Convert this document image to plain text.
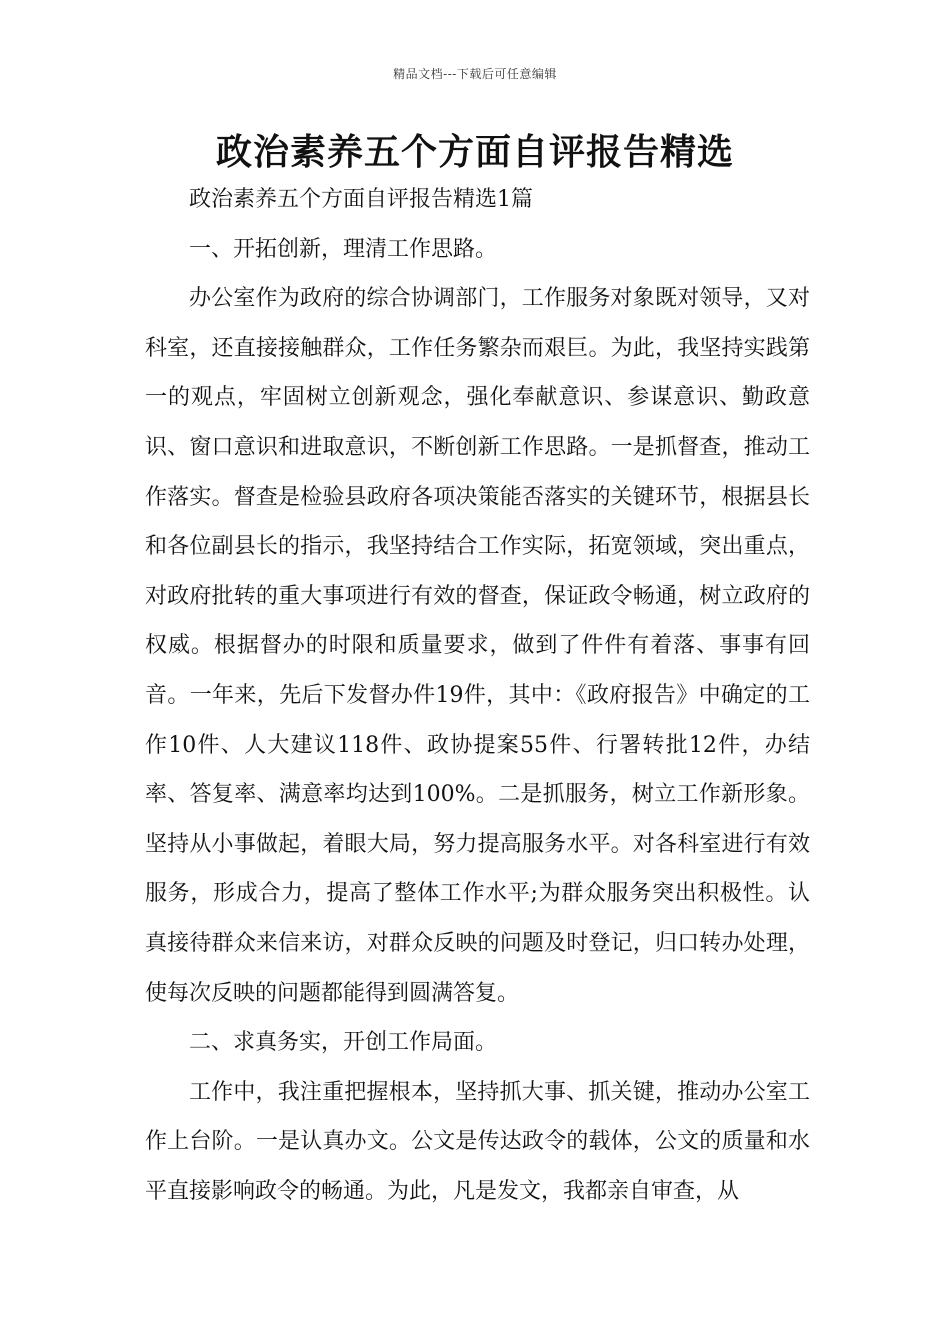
精品文档---下载后可任意编辑
政治素养五个方面自评报告精选

政治素养五个方面自评报告精选1篇

一、开拓创新，理清工作思路。

办公室作为政府的综合协调部门，工作服务对象既对领导，又对科室，还直接接触群众，工作任务繁杂而艰巨。为此，我坚持实践第一的观点，牢固树立创新观念，强化奉献意识、参谋意识、勤政意识、窗口意识和进取意识，不断创新工作思路。一是抓督查，推动工作落实。督查是检验县政府各项决策能否落实的关键环节，根据县长和各位副县长的指示，我坚持结合工作实际，拓宽领域，突出重点，对政府批转的重大事项进行有效的督查，保证政令畅通，树立政府的权威。根据督办的时限和质量要求，做到了件件有着落、事事有回音。一年来，先后下发督办件19件，其中：《政府报告》中确定的工作10件、人大建议118件、政协提案55件、行署转批12件，办结率、答复率、满意率均达到100%。二是抓服务，树立工作新形象。坚持从小事做起，着眼大局，努力提高服务水平。对各科室进行有效服务，形成合力，提高了整体工作水平;为群众服务突出积极性。认真接待群众来信来访，对群众反映的问题及时登记，归口转办处理，使每次反映的问题都能得到圆满答复。

二、求真务实，开创工作局面。

工作中，我注重把握根本，坚持抓大事、抓关键，推动办公室工作上台阶。一是认真办文。公文是传达政令的载体，公文的质量和水平直接影响政令的畅通。为此，凡是发文，我都亲自审查，从
